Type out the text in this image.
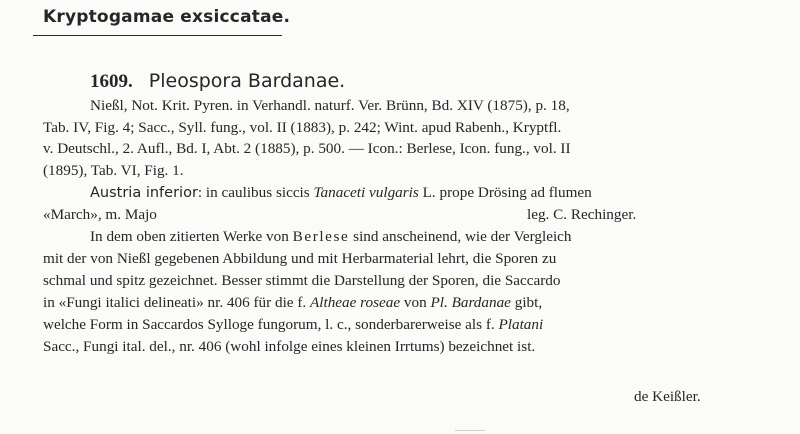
Kryptogamae exsiccatae.
1609. Pleospora Bardanae.
Nießl, Not. Krit. Pyren. in Verhandl. naturf. Ver. Brünn, Bd. XIV (1875), p. 18,
Tab. IV, Fig. 4; Sacc., Syll. fung., vol. II (1883), p. 242; Wint. apud Rabenh., Kryptfl.
v. Deutschl., 2. Aufl., Bd. I, Abt. 2 (1885), p. 500. — Icon.: Berlese, Icon. fung., vol. II
(1895), Tab. VI, Fig. 1.
Austria inferior: in caulibus siccis Tanaceti vulgaris L. prope Drösing ad flumen
«March», m. Majo	leg. C. Rechinger.
In dem oben zitierten Werke von Berlese sind anscheinend, wie der Vergleich
mit der von Nießl gegebenen Abbildung und mit Herbarmaterial lehrt, die Sporen zu
schmal und spitz gezeichnet. Besser stimmt die Darstellung der Sporen, die Saccardo
in «Fungi italici delineati» nr. 406 für die f. Altheae roseae von Pl. Bardanae gibt,
welche Form in Saccardos Sylloge fungorum, l. c., sonderbarerweise als f. Platani
Sacc., Fungi ital. del., nr. 406 (wohl infolge eines kleinen Irrtums) bezeichnet ist.
de Keißler.
